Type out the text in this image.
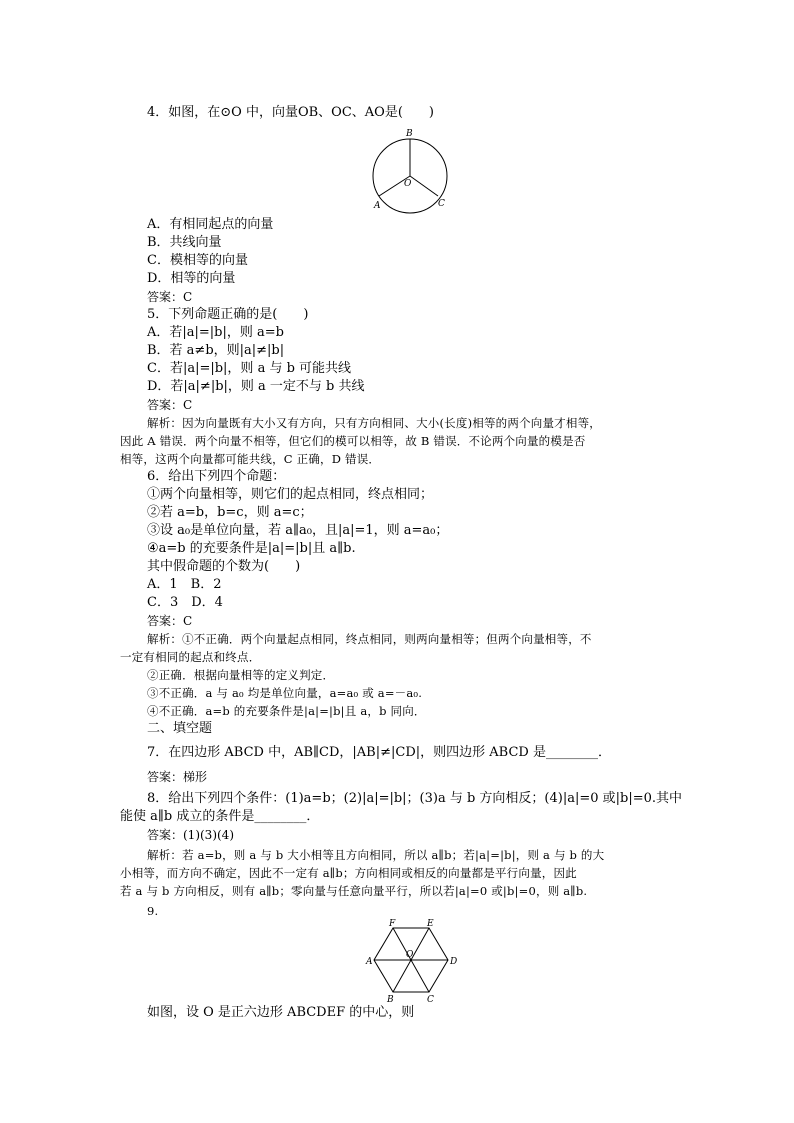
4．如图，在⊙O 中，向量OB、OC、AO是(　　)
B
O
A	C
A．有相同起点的向量
B．共线向量
C．模相等的向量
D．相等的向量
答案：C
5．下列命题正确的是(　　)
A．若|a|=|b|，则 a=b
B．若 a≠b，则|a|≠|b|
C．若|a|=|b|，则 a 与 b 可能共线
D．若|a|≠|b|，则 a 一定不与 b 共线
答案：C
解析：因为向量既有大小又有方向，只有方向相同、大小(长度)相等的两个向量才相等，
因此 A 错误．两个向量不相等，但它们的模可以相等，故 B 错误．不论两个向量的模是否
相等，这两个向量都可能共线，C 正确，D 错误．
6．给出下列四个命题：
①两个向量相等，则它们的起点相同，终点相同；
②若 a=b，b=c，则 a=c；
③设 a₀是单位向量，若 a∥a₀，且|a|=1，则 a=a₀；
④a=b 的充要条件是|a|=|b|且 a∥b.
其中假命题的个数为(　　)
A．1　B．2
C．3　D．4
答案：C
解析：①不正确．两个向量起点相同，终点相同，则两向量相等；但两个向量相等，不
一定有相同的起点和终点．
②正确．根据向量相等的定义判定．
③不正确．a 与 a₀ 均是单位向量，a=a₀ 或 a=－a₀.
④不正确．a=b 的充要条件是|a|=|b|且 a，b 同向．
二、填空题
7．在四边形 ABCD 中，AB∥CD，|AB|≠|CD|，则四边形 ABCD 是________．
答案：梯形
8．给出下列四个条件：(1)a=b；(2)|a|=|b|；(3)a 与 b 方向相反；(4)|a|=0 或|b|=0.其中
能使 a∥b 成立的条件是________．
答案：(1)(3)(4)
解析：若 a=b，则 a 与 b 大小相等且方向相同，所以 a∥b；若|a|=|b|，则 a 与 b 的大
小相等，而方向不确定，因此不一定有 a∥b；方向相同或相反的向量都是平行向量，因此
若 a 与 b 方向相反，则有 a∥b；零向量与任意向量平行，所以若|a|=0 或|b|=0，则 a∥b.
9.
F	E
O
A	D
B	C
如图，设 O 是正六边形 ABCDEF 的中心，则
